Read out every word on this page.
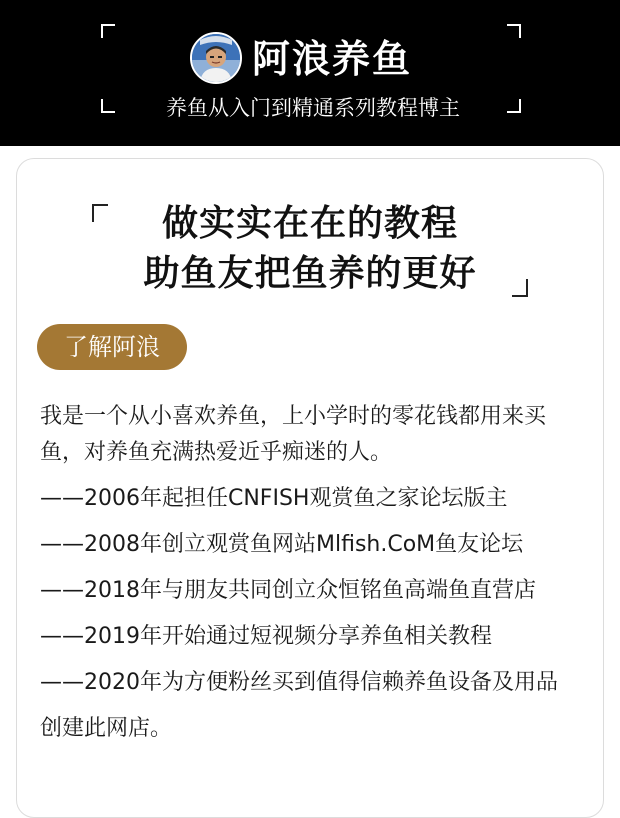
阿浪养鱼
养鱼从入门到精通系列教程博主
做实实在在的教程
助鱼友把鱼养的更好
了解阿浪
我是一个从小喜欢养鱼，上小学时的零花钱都用来买
鱼，对养鱼充满热爱近乎痴迷的人。
——2006年起担任CNFISH观赏鱼之家论坛版主
——2008年创立观赏鱼网站Mlfish.CoM鱼友论坛
——2018年与朋友共同创立众恒铭鱼高端鱼直营店
——2019年开始通过短视频分享养鱼相关教程
——2020年为方便粉丝买到值得信赖养鱼设备及用品
创建此网店。
